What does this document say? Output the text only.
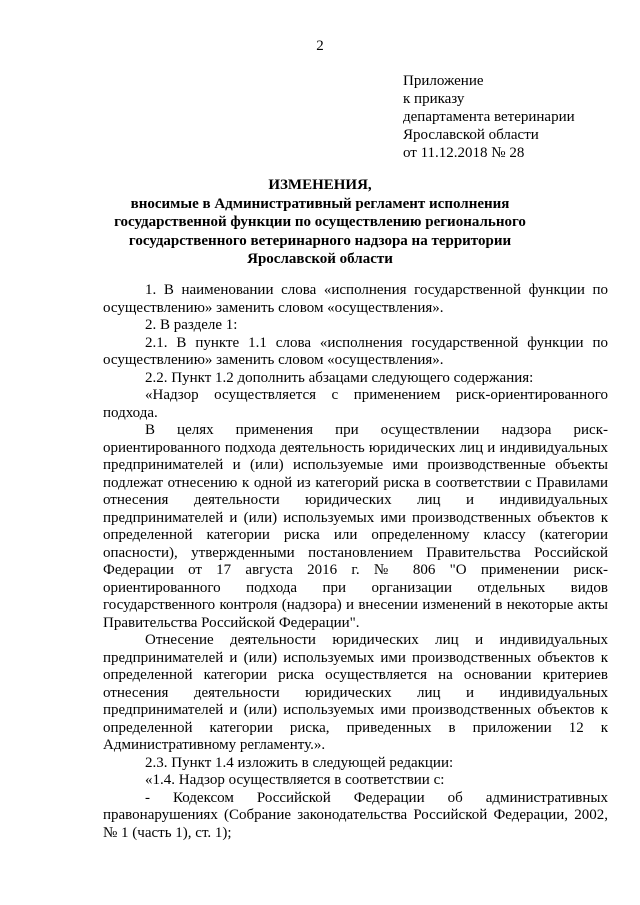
2
Приложение
к приказу
департамента ветеринарии
Ярославской области
от 11.12.2018 № 28
ИЗМЕНЕНИЯ,
вносимые в Административный регламент исполнения
государственной функции по осуществлению регионального
государственного ветеринарного надзора на территории
Ярославской области

1. В наименовании слова «исполнения государственной функции по осуществлению» заменить словом «осуществления».

2. В разделе 1:

2.1. В пункте 1.1 слова «исполнения государственной функции по осуществлению» заменить словом «осуществления».

2.2. Пункт 1.2 дополнить абзацами следующего содержания:

«Надзор осуществляется с применением риск-ориентированного подхода.

В целях применения при осуществлении надзора риск-ориентированного подхода деятельность юридических лиц и индивидуальных предпринимателей и (или) используемые ими производственные объекты подлежат отнесению к одной из категорий риска в соответствии с Правилами отнесения деятельности юридических лиц и индивидуальных предпринимателей и (или) используемых ими производственных объектов к определенной категории риска или определенному классу (категории опасности), утвержденными постановлением Правительства Российской Федерации от 17 августа 2016 г. № 806 "О применении риск-ориентированного подхода при организации отдельных видов государственного контроля (надзора) и внесении изменений в некоторые акты Правительства Российской Федерации".

Отнесение деятельности юридических лиц и индивидуальных предпринимателей и (или) используемых ими производственных объектов к определенной категории риска осуществляется на основании критериев отнесения деятельности юридических лиц и индивидуальных предпринимателей и (или) используемых ими производственных объектов к определенной категории риска, приведенных в приложении 12 к Административному регламенту.».

2.3. Пункт 1.4 изложить в следующей редакции:

«1.4. Надзор осуществляется в соответствии с:

- Кодексом Российской Федерации об административных правонарушениях (Собрание законодательства Российской Федерации, 2002, № 1 (часть 1), ст. 1);
